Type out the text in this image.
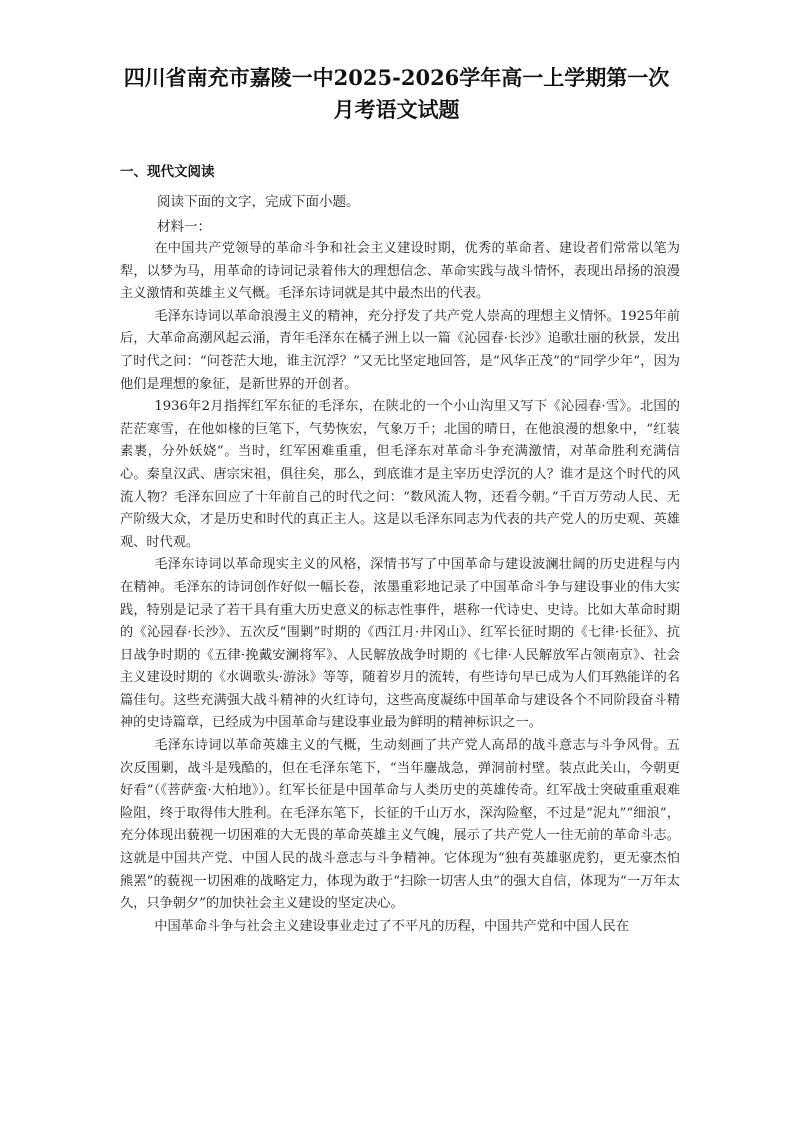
四川省南充市嘉陵一中2025-2026学年高一上学期第一次
月考语文试题
一、现代文阅读
阅读下面的文字，完成下面小题。
材料一：

在中国共产党领导的革命斗争和社会主义建设时期，优秀的革命者、建设者们常常以笔为犁，以梦为马，用革命的诗词记录着伟大的理想信念、革命实践与战斗情怀，表现出昂扬的浪漫主义激情和英雄主义气概。毛泽东诗词就是其中最杰出的代表。

毛泽东诗词以革命浪漫主义的精神，充分抒发了共产党人崇高的理想主义情怀。1925年前后，大革命高潮风起云涌，青年毛泽东在橘子洲上以一篇《沁园春·长沙》追歌壮丽的秋景，发出了时代之问：“问苍茫大地，谁主沉浮？”又无比坚定地回答，是“风华正茂”的“同学少年”，因为他们是理想的象征，是新世界的开创者。

1936年2月指挥红军东征的毛泽东，在陕北的一个小山沟里又写下《沁园春·雪》。北国的茫茫寒雪，在他如椽的巨笔下，气势恢宏，气象万千；北国的晴日，在他浪漫的想象中，“红装素裹，分外妖娆”。当时，红军困难重重，但毛泽东对革命斗争充满激情，对革命胜利充满信心。秦皇汉武、唐宗宋祖，俱往矣，那么，到底谁才是主宰历史浮沉的人？谁才是这个时代的风流人物？毛泽东回应了十年前自己的时代之问：“数风流人物，还看今朝。”千百万劳动人民、无产阶级大众，才是历史和时代的真正主人。这是以毛泽东同志为代表的共产党人的历史观、英雄观、时代观。

毛泽东诗词以革命现实主义的风格，深情书写了中国革命与建设波澜壮阔的历史进程与内在精神。毛泽东的诗词创作好似一幅长卷，浓墨重彩地记录了中国革命斗争与建设事业的伟大实践，特别是记录了若干具有重大历史意义的标志性事件，堪称一代诗史、史诗。比如大革命时期的《沁园春·长沙》、五次反“围剿”时期的《西江月·井冈山》、红军长征时期的《七律·长征》、抗日战争时期的《五律·挽戴安澜将军》、人民解放战争时期的《七律·人民解放军占领南京》、社会主义建设时期的《水调歌头·游泳》等等，随着岁月的流转，有些诗句早已成为人们耳熟能详的名篇佳句。这些充满强大战斗精神的火红诗句，这些高度凝练中国革命与建设各个不同阶段奋斗精神的史诗篇章，已经成为中国革命与建设事业最为鲜明的精神标识之一。

毛泽东诗词以革命英雄主义的气概，生动刻画了共产党人高昂的战斗意志与斗争风骨。五次反围剿，战斗是残酷的，但在毛泽东笔下，“当年鏖战急，弹洞前村壁。装点此关山，今朝更好看”（《菩萨蛮·大柏地》）。红军长征是中国革命与人类历史的英雄传奇。红军战士突破重重艰难险阻，终于取得伟大胜利。在毛泽东笔下，长征的千山万水，深沟险壑，不过是“泥丸”“细浪”，充分体现出藐视一切困难的大无畏的革命英雄主义气魄，展示了共产党人一往无前的革命斗志。这就是中国共产党、中国人民的战斗意志与斗争精神。它体现为“独有英雄驱虎豹，更无豪杰怕熊罴”的藐视一切困难的战略定力，体现为敢于“扫除一切害人虫”的强大自信，体现为“一万年太久，只争朝夕”的加快社会主义建设的坚定决心。

中国革命斗争与社会主义建设事业走过了不平凡的历程，中国共产党和中国人民在
